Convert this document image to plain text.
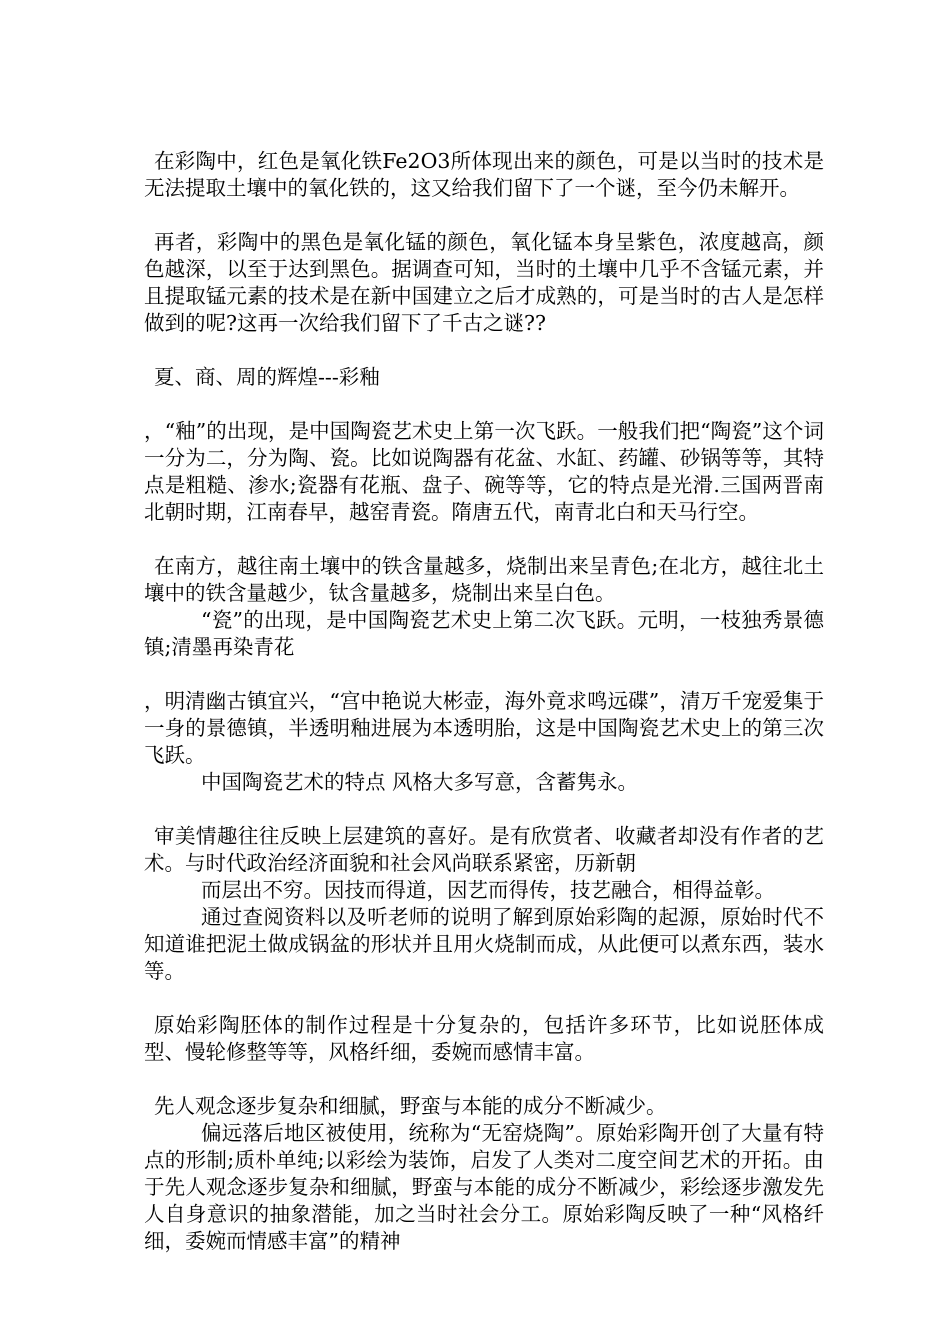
在彩陶中，红色是氧化铁Fe2O3所体现出来的颜色，可是以当时的技术是无法提取土壤中的氧化铁的，这又给我们留下了一个谜，至今仍未解开。

再者，彩陶中的黑色是氧化锰的颜色，氧化锰本身呈紫色，浓度越高，颜色越深，以至于达到黑色。据调查可知，当时的土壤中几乎不含锰元素，并且提取锰元素的技术是在新中国建立之后才成熟的，可是当时的古人是怎样做到的呢?这再一次给我们留下了千古之谜??

夏、商、周的辉煌---彩釉

，“釉”的出现，是中国陶瓷艺术史上第一次飞跃。一般我们把“陶瓷”这个词一分为二，分为陶、瓷。比如说陶器有花盆、水缸、药罐、砂锅等等，其特点是粗糙、渗水;瓷器有花瓶、盘子、碗等等，它的特点是光滑.三国两晋南北朝时期，江南春早，越窑青瓷。隋唐五代，南青北白和天马行空。

在南方，越往南土壤中的铁含量越多，烧制出来呈青色;在北方，越往北土壤中的铁含量越少，钛含量越多，烧制出来呈白色。

“瓷”的出现，是中国陶瓷艺术史上第二次飞跃。元明，一枝独秀景德镇;清墨再染青花

，明清幽古镇宜兴，“宫中艳说大彬壶，海外竟求鸣远碟”，清万千宠爱集于一身的景德镇，半透明釉进展为本透明胎，这是中国陶瓷艺术史上的第三次飞跃。

中国陶瓷艺术的特点 风格大多写意，含蓄隽永。

审美情趣往往反映上层建筑的喜好。是有欣赏者、收藏者却没有作者的艺术。与时代政治经济面貌和社会风尚联系紧密，历新朝

而层出不穷。因技而得道，因艺而得传，技艺融合，相得益彰。

通过查阅资料以及听老师的说明了解到原始彩陶的起源，原始时代不知道谁把泥土做成锅盆的形状并且用火烧制而成，从此便可以煮东西，装水等。

原始彩陶胚体的制作过程是十分复杂的，包括许多环节，比如说胚体成型、慢轮修整等等，风格纤细，委婉而感情丰富。

先人观念逐步复杂和细腻，野蛮与本能的成分不断减少。

偏远落后地区被使用，统称为“无窑烧陶”。原始彩陶开创了大量有特点的形制;质朴单纯;以彩绘为装饰，启发了人类对二度空间艺术的开拓。由于先人观念逐步复杂和细腻，野蛮与本能的成分不断减少，彩绘逐步激发先人自身意识的抽象潜能，加之当时社会分工。原始彩陶反映了一种“风格纤细，委婉而情感丰富”的精神
